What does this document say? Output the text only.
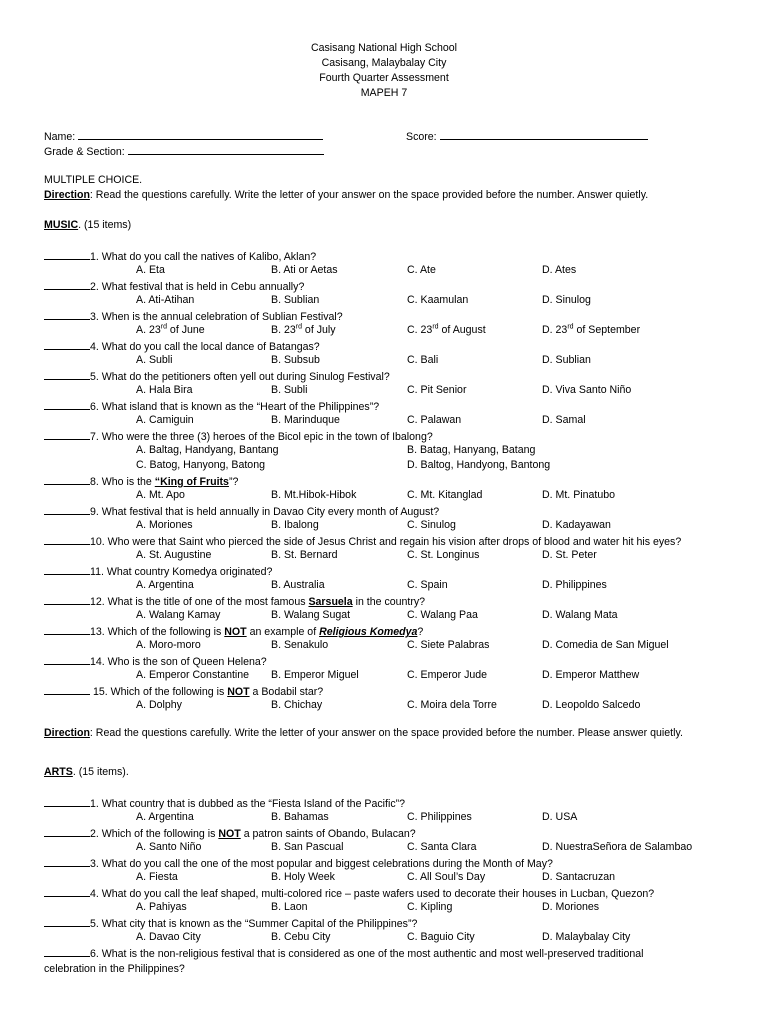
Casisang National High School
Casisang, Malaybalay City
Fourth Quarter Assessment
MAPEH 7
Name:	Score:
Grade & Section:
MULTIPLE CHOICE.
Direction: Read the questions carefully. Write the letter of your answer on the space provided before the number. Answer quietly.
MUSIC. (15 items)
1. What do you call the natives of Kalibo, Aklan?
A. Eta	B. Ati or Aetas	C. Ate	D. Ates
2. What festival that is held in Cebu annually?
A. Ati-Atihan	B. Sublian	C. Kaamulan	D. Sinulog
3. When is the annual celebration of Sublian Festival?
A. 23rd of June	B. 23rd of July	C. 23rd of August	D. 23rd of September
4. What do you call the local dance of Batangas?
A. Subli	B. Subsub	C. Bali	D. Sublian
5. What do the petitioners often yell out during Sinulog Festival?
A. Hala Bira	B. Subli	C. Pit Senior	D. Viva Santo Niño
6. What island that is known as the “Heart of the Philippines”?
A. Camiguin	B. Marinduque	C. Palawan	D. Samal
7. Who were the three (3) heroes of the Bicol epic in the town of Ibalong?
A. Baltag, Handyang, Bantang	B. Batag, Hanyang, Batang
C. Batog, Hanyong, Batong	D. Baltog, Handyong, Bantong
8. Who is the “King of Fruits”?
A. Mt. Apo	B. Mt.Hibok-Hibok	C. Mt. Kitanglad	D. Mt. Pinatubo
9. What festival that is held annually in Davao City every month of August?
A. Moriones	B. Ibalong	C. Sinulog	D. Kadayawan
10. Who were that Saint who pierced the side of Jesus Christ and regain his vision after drops of blood and water hit his eyes?
A. St. Augustine	B. St. Bernard	C. St. Longinus	D. St. Peter
11. What country Komedya originated?
A. Argentina	B. Australia	C. Spain	D. Philippines
12. What is the title of one of the most famous Sarsuela in the country?
A. Walang Kamay	B. Walang Sugat	C. Walang Paa	D. Walang Mata
13. Which of the following is NOT an example of Religious Komedya?
A. Moro-moro	B. Senakulo	C. Siete Palabras	D. Comedia de San Miguel
14. Who is the son of Queen Helena?
A. Emperor Constantine B. Emperor Miguel	C. Emperor Jude	D. Emperor Matthew
15. Which of the following is NOT a Bodabil star?
A. Dolphy	B. Chichay	C. Moira dela Torre	D. Leopoldo Salcedo
Direction: Read the questions carefully. Write the letter of your answer on the space provided before the number. Please answer quietly.
ARTS. (15 items).
1. What country that is dubbed as the “Fiesta Island of the Pacific”?
A. Argentina	B. Bahamas	C. Philippines	D. USA
2. Which of the following is NOT a patron saints of Obando, Bulacan?
A. Santo Niño	B. San Pascual	C. Santa Clara	D. NuestraSeñora de Salambao
3. What do you call the one of the most popular and biggest celebrations during the Month of May?
A. Fiesta	B. Holy Week	C. All Soul’s Day	D. Santacruzan
4. What do you call the leaf shaped, multi-colored rice – paste wafers used to decorate their houses in Lucban, Quezon?
A. Pahiyas	B. Laon	C. Kipling	D. Moriones
5. What city that is known as the “Summer Capital of the Philippines”?
A. Davao City	B. Cebu City	C. Baguio City	D. Malaybalay City
6. What is the non-religious festival that is considered as one of the most authentic and most well-preserved traditional celebration in the Philippines?
